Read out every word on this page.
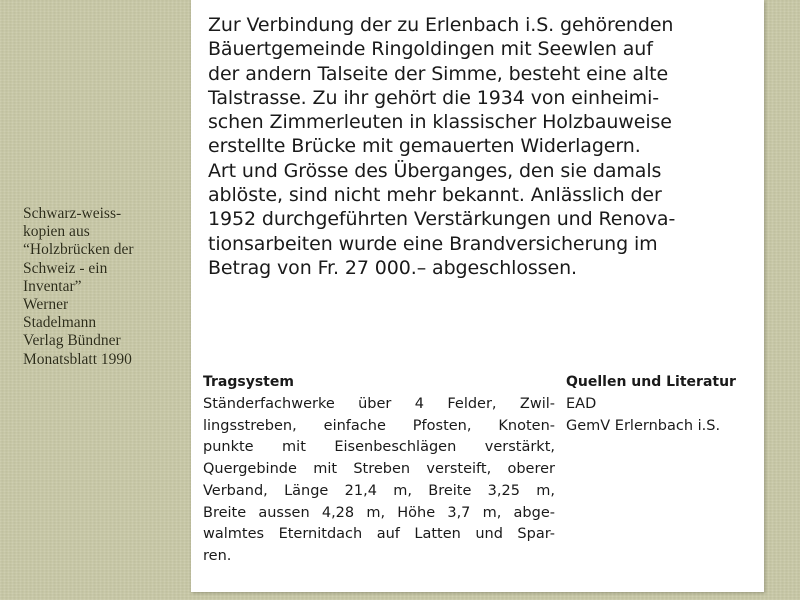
Schwarz-weiss-
kopien aus
“Holzbrücken der
Schweiz - ein
Inventar”
Werner
Stadelmann
Verlag Bündner
Monatsblatt 1990
Zur Verbindung der zu Erlenbach i.S. gehörenden
Bäuertgemeinde Ringoldingen mit Seewlen auf
der andern Talseite der Simme, besteht eine alte
Talstrasse. Zu ihr gehört die 1934 von einheimi-
schen Zimmerleuten in klassischer Holzbauweise
erstellte Brücke mit gemauerten Widerlagern.
Art und Grösse des Überganges, den sie damals
ablöste, sind nicht mehr bekannt. Anlässlich der
1952 durchgeführten Verstärkungen und Renova-
tionsarbeiten wurde eine Brandversicherung im
Betrag von Fr. 27 000.– abgeschlossen.
Tragsystem
Ständerfachwerke über 4 Felder, Zwil-
lingsstreben, einfache Pfosten, Knoten-
punkte mit Eisenbeschlägen verstärkt,
Quergebinde mit Streben versteift, oberer
Verband, Länge 21,4 m, Breite 3,25 m,
Breite aussen 4,28 m, Höhe 3,7 m, abge-
walmtes Eternitdach auf Latten und Spar-
ren.
Quellen und Literatur
EAD
GemV Erlernbach i.S.
